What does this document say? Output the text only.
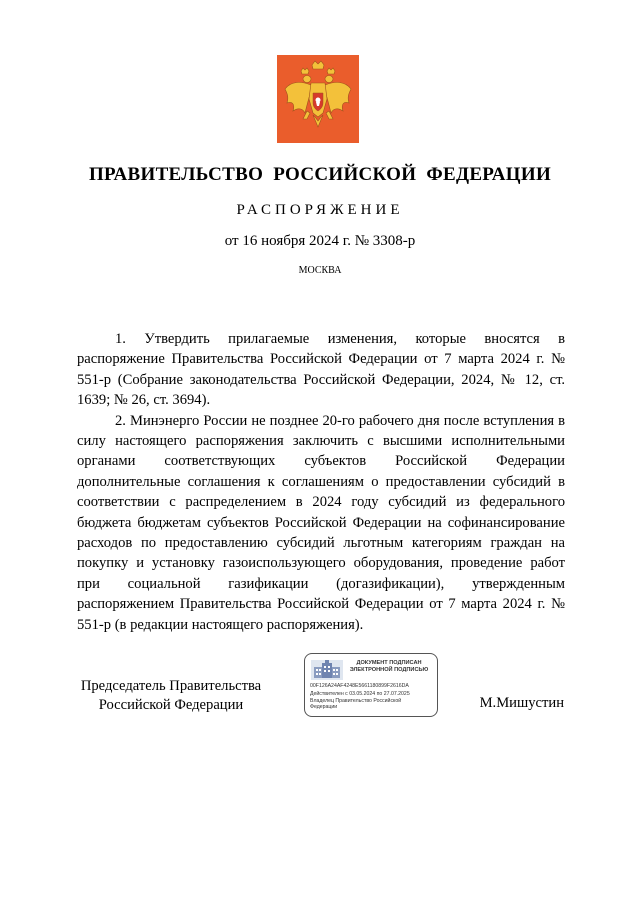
ПРАВИТЕЛЬСТВО РОССИЙСКОЙ ФЕДЕРАЦИИ
РАСПОРЯЖЕНИЕ
от 16 ноября 2024 г. № 3308-р
МОСКВА

1. Утвердить прилагаемые изменения, которые вносятся в распоряжение Правительства Российской Федерации от 7 марта 2024 г. № 551-р (Собрание законодательства Российской Федерации, 2024, № 12, ст. 1639; № 26, ст. 3694).

2. Минэнерго России не позднее 20-го рабочего дня после вступления в силу настоящего распоряжения заключить с высшими исполнительными органами соответствующих субъектов Российской Федерации дополнительные соглашения к соглашениям о предоставлении субсидий в соответствии с распределением в 2024 году субсидий из федерального бюджета бюджетам субъектов Российской Федерации на софинансирование расходов по предоставлению субсидий льготным категориям граждан на покупку и установку газоиспользующего оборудования, проведение работ при социальной газификации (догазификации), утвержденным распоряжением Правительства Российской Федерации от 7 марта 2024 г. № 551-р (в редакции настоящего распоряжения).

Председатель Правительства
Российской Федерации
ДОКУМЕНТ ПОДПИСАН
ЭЛЕКТРОННОЙ ПОДПИСЬЮ
00F126A24AF4248E5661180899F2616DA
Действителен с 03.05.2024 по 27.07.2025
Владелец Правительство Российской
Федерации	М.Мишустин
